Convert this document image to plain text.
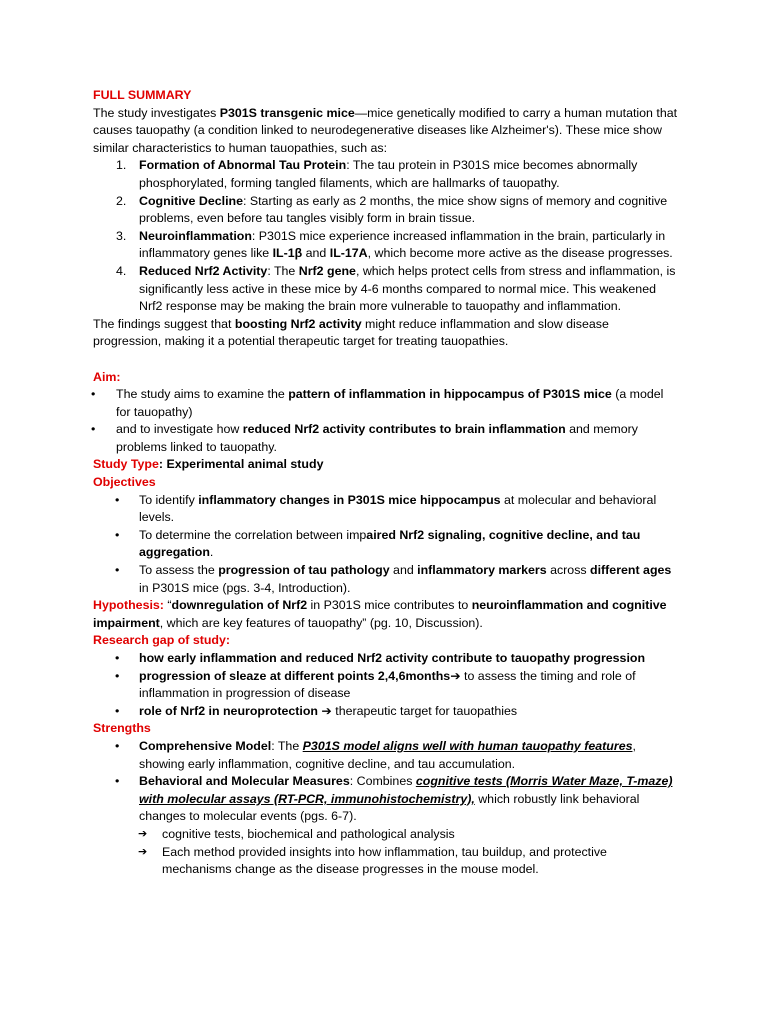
FULL SUMMARY

The study investigates P301S transgenic mice—mice genetically modified to carry a human mutation that causes tauopathy (a condition linked to neurodegenerative diseases like Alzheimer's). These mice show similar characteristics to human tauopathies, such as:

1. Formation of Abnormal Tau Protein: The tau protein in P301S mice becomes abnormally phosphorylated, forming tangled filaments, which are hallmarks of tauopathy.
2. Cognitive Decline: Starting as early as 2 months, the mice show signs of memory and cognitive problems, even before tau tangles visibly form in brain tissue.
3. Neuroinflammation: P301S mice experience increased inflammation in the brain, particularly in inflammatory genes like IL-1β and IL-17A, which become more active as the disease progresses.
4. Reduced Nrf2 Activity: The Nrf2 gene, which helps protect cells from stress and inflammation, is significantly less active in these mice by 4-6 months compared to normal mice. This weakened Nrf2 response may be making the brain more vulnerable to tauopathy and inflammation.

The findings suggest that boosting Nrf2 activity might reduce inflammation and slow disease progression, making it a potential therapeutic target for treating tauopathies.

Aim:

• The study aims to examine the pattern of inflammation in hippocampus of P301S mice (a model for tauopathy)
• and to investigate how reduced Nrf2 activity contributes to brain inflammation and memory problems linked to tauopathy.

Study Type: Experimental animal study

Objectives

• To identify inflammatory changes in P301S mice hippocampus at molecular and behavioral levels.
• To determine the correlation between impaired Nrf2 signaling, cognitive decline, and tau aggregation.
• To assess the progression of tau pathology and inflammatory markers across different ages in P301S mice (pgs. 3-4, Introduction).

Hypothesis: “downregulation of Nrf2 in P301S mice contributes to neuroinflammation and cognitive impairment, which are key features of tauopathy” (pg. 10, Discussion).

Research gap of study:

• how early inflammation and reduced Nrf2 activity contribute to tauopathy progression
• progression of sleaze at different points 2,4,6months➔ to assess the timing and role of inflammation in progression of disease
• role of Nrf2 in neuroprotection ➔ therapeutic target for tauopathies

Strengths

• Comprehensive Model: The P301S model aligns well with human tauopathy features, showing early inflammation, cognitive decline, and tau accumulation.
• Behavioral and Molecular Measures: Combines cognitive tests (Morris Water Maze, T-maze) with molecular assays (RT-PCR, immunohistochemistry), which robustly link behavioral changes to molecular events (pgs. 6-7).
➔ cognitive tests, biochemical and pathological analysis
➔ Each method provided insights into how inflammation, tau buildup, and protective mechanisms change as the disease progresses in the mouse model.
